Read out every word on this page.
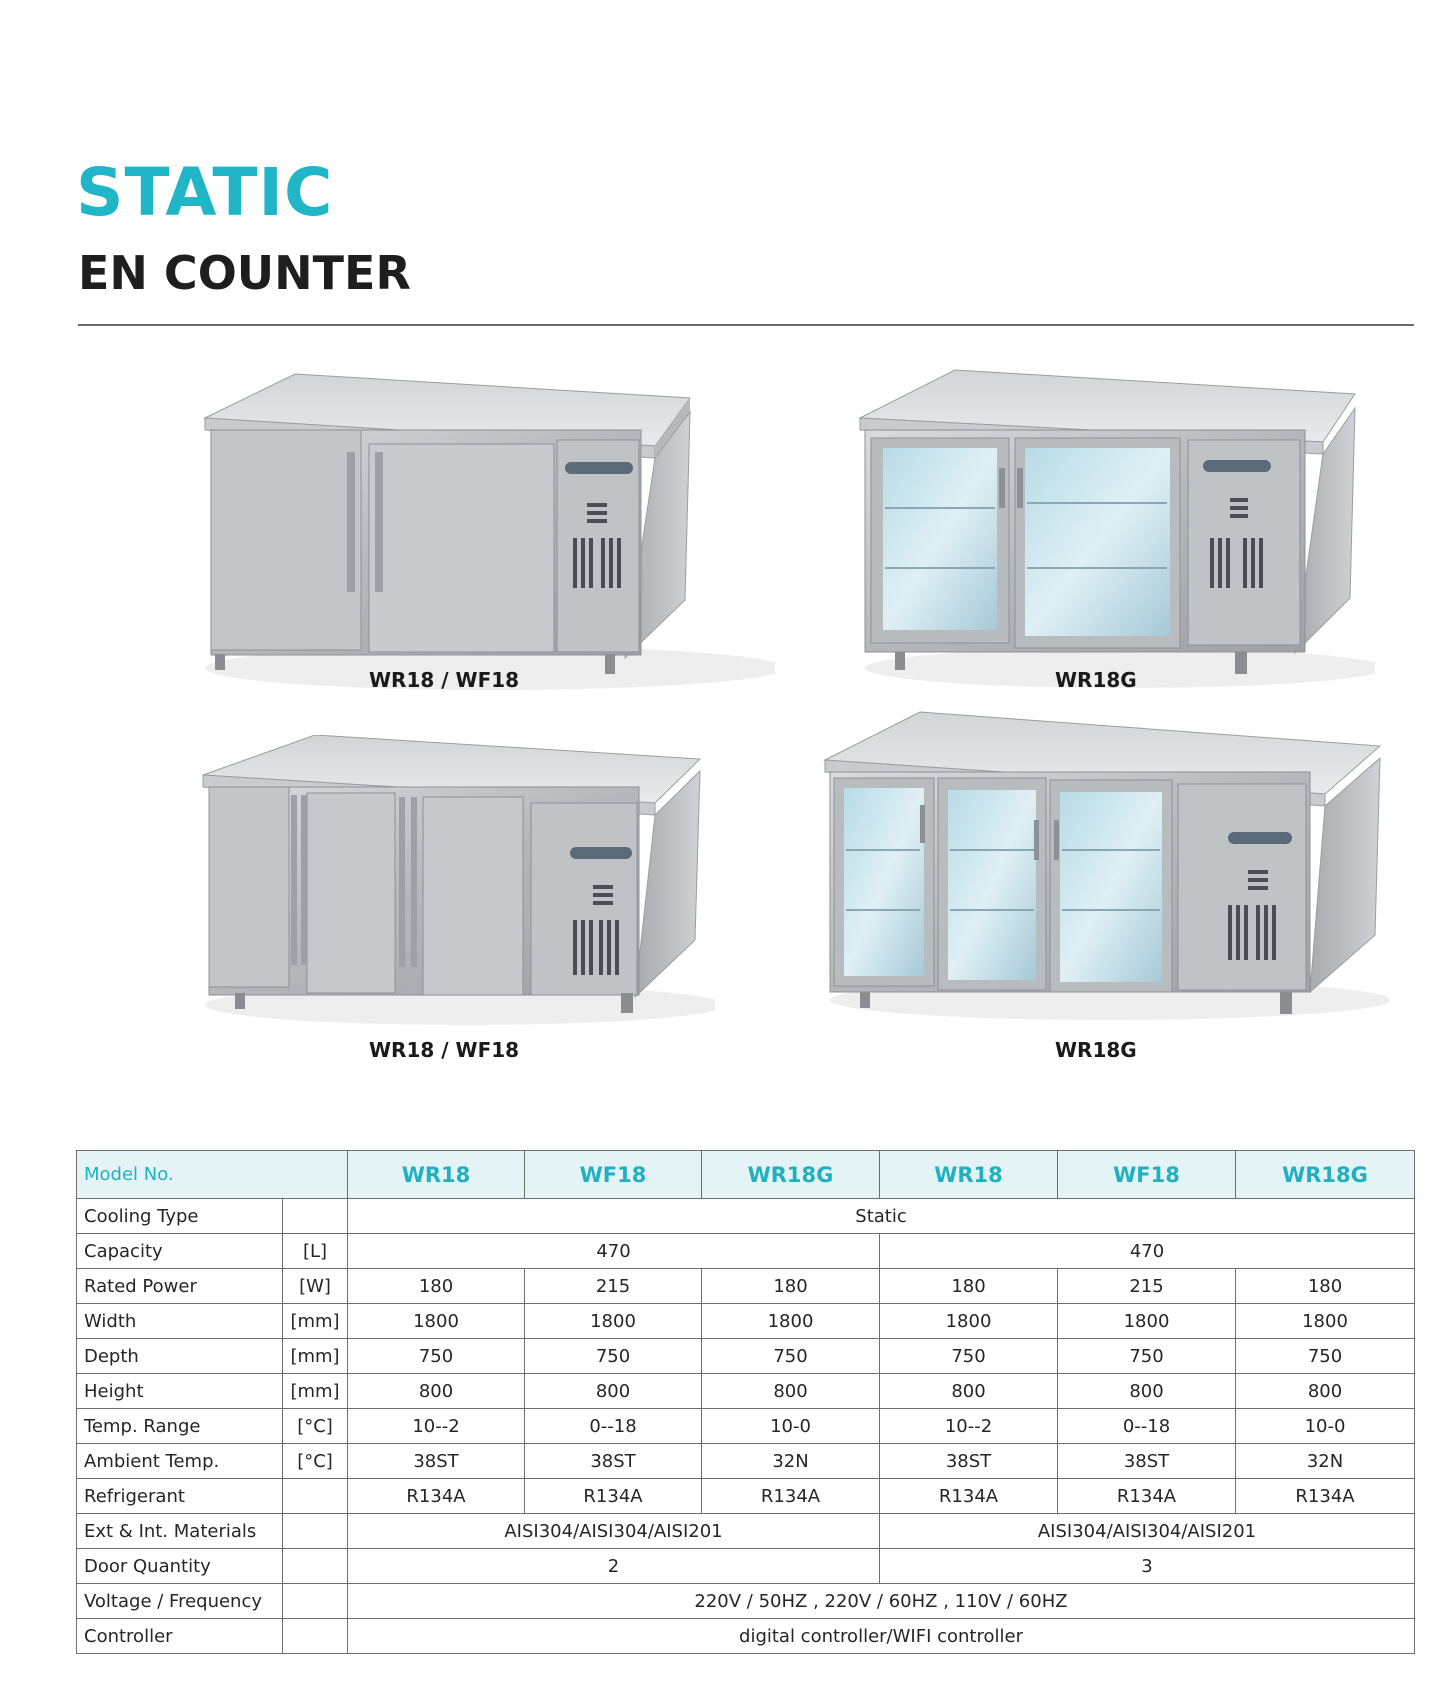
STATIC
EN COUNTER
WR18 / WF18	WR18G
WR18 / WF18	WR18G
Model No.		WR18	WF18	WR18G	WR18	WF18	WR18G
Cooling Type		Static					
Capacity	[L]	470			470		
Rated Power	[W]	180	215	180	180	215	180
Width	[mm]	1800	1800	1800	1800	1800	1800
Depth	[mm]	750	750	750	750	750	750
Height	[mm]	800	800	800	800	800	800
Temp. Range	[°C]	10--2	0--18	10-0	10--2	0--18	10-0
Ambient Temp.	[°C]	38ST	38ST	32N	38ST	38ST	32N
Refrigerant		R134A	R134A	R134A	R134A	R134A	R134A
Ext & Int. Materials		AISI304/AISI304/AISI201			AISI304/AISI304/AISI201		
Door Quantity		2			3		
Voltage / Frequency		220V / 50HZ , 220V / 60HZ , 110V / 60HZ					
Controller		digital controller/WIFI controller					
